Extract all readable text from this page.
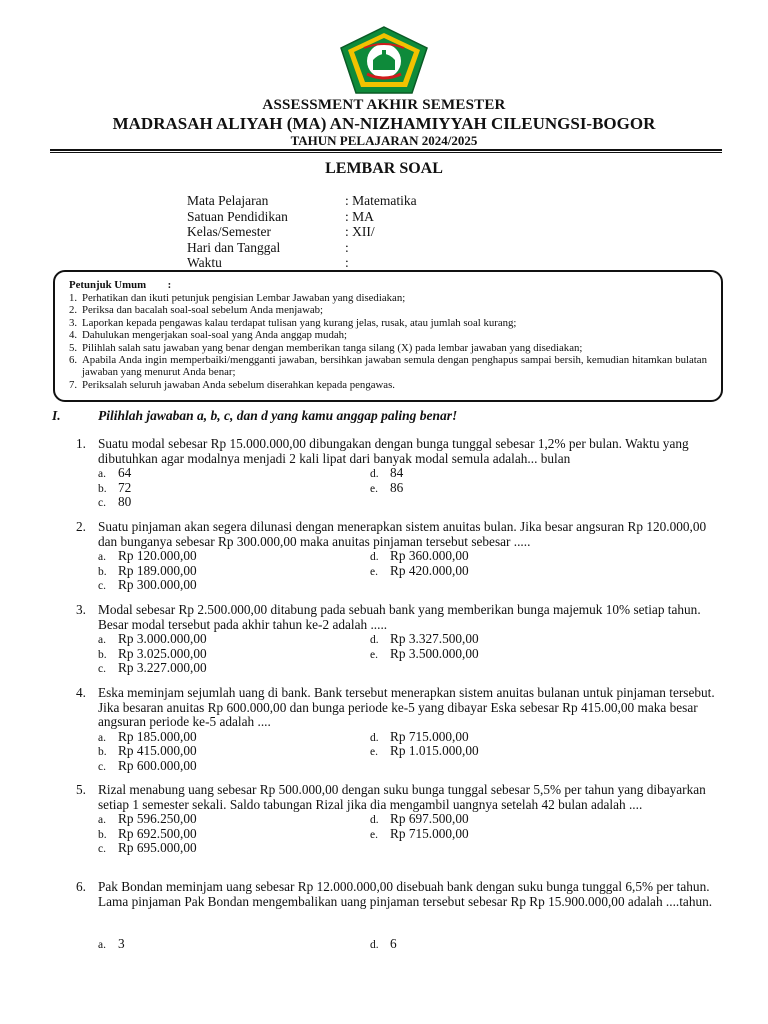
ASSESSMENT AKHIR SEMESTER
MADRASAH ALIYAH (MA) AN-NIZHAMIYYAH CILEUNGSI-BOGOR
TAHUN PELAJARAN 2024/2025
LEMBAR SOAL
Mata Pelajaran	: Matematika
Satuan Pendidikan	: MA
Kelas/Semester	: XII/
Hari dan Tanggal	:
Waktu	:
Petunjuk Umum        :
1. Perhatikan dan ikuti petunjuk pengisian Lembar Jawaban yang disediakan;
2. Periksa dan bacalah soal-soal sebelum Anda menjawab;
3. Laporkan kepada pengawas kalau terdapat tulisan yang kurang jelas, rusak, atau jumlah soal kurang;
4. Dahulukan mengerjakan soal-soal yang Anda anggap mudah;
5. Pilihlah salah satu jawaban yang benar dengan memberikan tanga silang (X) pada lembar jawaban yang disediakan;
6. Apabila Anda ingin memperbaiki/mengganti jawaban, bersihkan jawaban semula dengan penghapus sampai bersih, kemudian hitamkan bulatan jawaban yang menurut Anda benar;
7. Periksalah seluruh jawaban Anda sebelum diserahkan kepada pengawas.
I.	Pilihlah jawaban a, b, c, dan d yang kamu anggap paling benar!
1. Suatu modal sebesar Rp 15.000.000,00 dibungakan dengan bunga tunggal sebesar 1,2% per bulan. Waktu yang dibutuhkan agar modalnya menjadi 2 kali lipat dari banyak modal semula adalah... bulan
a. 64	d. 84
b. 72	e. 86
c. 80
2. Suatu pinjaman akan segera dilunasi dengan menerapkan sistem anuitas bulan. Jika besar angsuran Rp 120.000,00 dan bunganya sebesar Rp 300.000,00 maka anuitas pinjaman tersebut sebesar .....
a. Rp 120.000,00	d. Rp 360.000,00
b. Rp 189.000,00	e. Rp 420.000,00
c. Rp 300.000,00
3. Modal sebesar Rp 2.500.000,00 ditabung pada sebuah bank yang memberikan bunga majemuk 10% setiap tahun. Besar modal tersebut pada akhir tahun ke-2 adalah .....
a. Rp 3.000.000,00	d. Rp 3.327.500,00
b. Rp 3.025.000,00	e. Rp 3.500.000,00
c. Rp 3.227.000,00
4. Eska meminjam sejumlah uang di bank. Bank tersebut menerapkan sistem anuitas bulanan untuk pinjaman tersebut. Jika besaran anuitas Rp 600.000,00 dan bunga periode ke-5 yang dibayar Eska sebesar Rp 415.00,00 maka besar angsuran periode ke-5 adalah ....
a. Rp 185.000,00	d. Rp 715.000,00
b. Rp 415.000,00	e. Rp 1.015.000,00
c. Rp 600.000,00
5. Rizal menabung uang sebesar Rp 500.000,00 dengan suku bunga tunggal sebesar 5,5% per tahun yang dibayarkan setiap 1 semester sekali. Saldo tabungan Rizal jika dia mengambil uangnya setelah 42 bulan adalah ....
a. Rp 596.250,00	d. Rp 697.500,00
b. Rp 692.500,00	e. Rp 715.000,00
c. Rp 695.000,00
6. Pak Bondan meminjam uang sebesar Rp 12.000.000,00 disebuah bank dengan suku bunga tunggal 6,5% per tahun. Lama pinjaman Pak Bondan mengembalikan uang pinjaman tersebut sebesar Rp Rp 15.900.000,00 adalah ....tahun.
a. 3	d. 6
